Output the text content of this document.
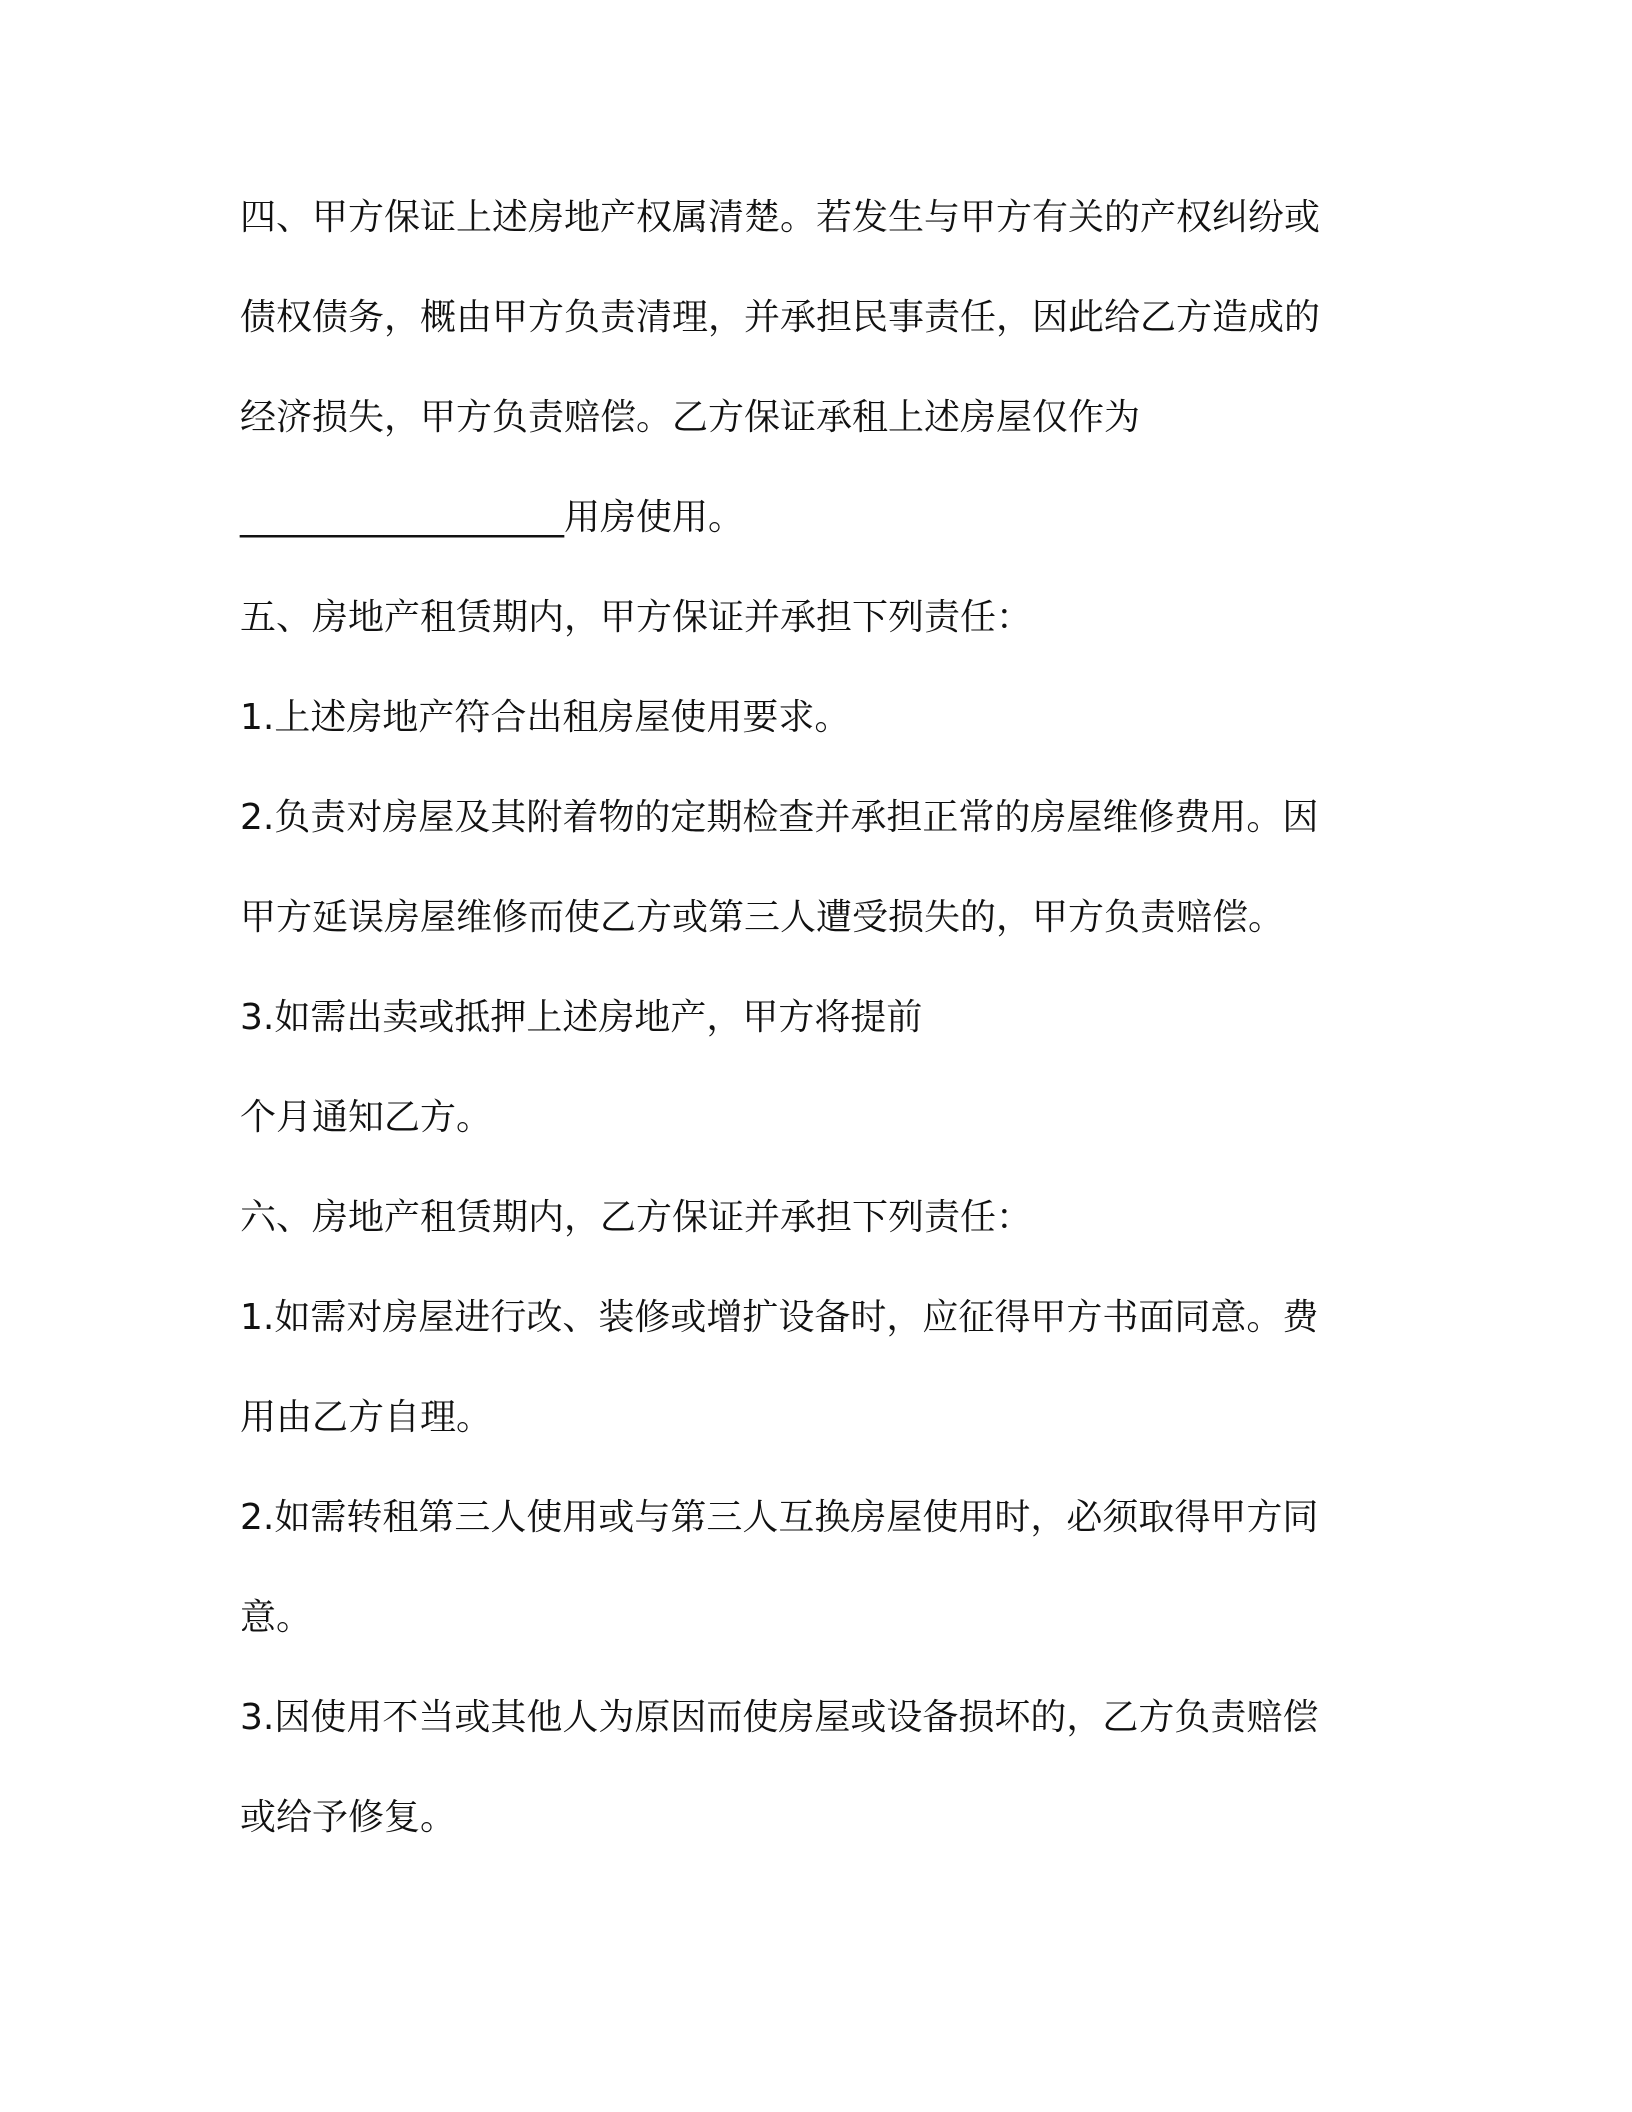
四、甲方保证上述房地产权属清楚。若发生与甲方有关的产权纠纷或

债权债务，概由甲方负责清理，并承担民事责任，因此给乙方造成的

经济损失，甲方负责赔偿。乙方保证承租上述房屋仅作为

__________________用房使用。

五、房地产租赁期内，甲方保证并承担下列责任：

1.上述房地产符合出租房屋使用要求。

2.负责对房屋及其附着物的定期检查并承担正常的房屋维修费用。因

甲方延误房屋维修而使乙方或第三人遭受损失的，甲方负责赔偿。

3.如需出卖或抵押上述房地产，甲方将提前

个月通知乙方。

六、房地产租赁期内，乙方保证并承担下列责任：

1.如需对房屋进行改、装修或增扩设备时，应征得甲方书面同意。费

用由乙方自理。

2.如需转租第三人使用或与第三人互换房屋使用时，必须取得甲方同

意。

3.因使用不当或其他人为原因而使房屋或设备损坏的，乙方负责赔偿

或给予修复。
